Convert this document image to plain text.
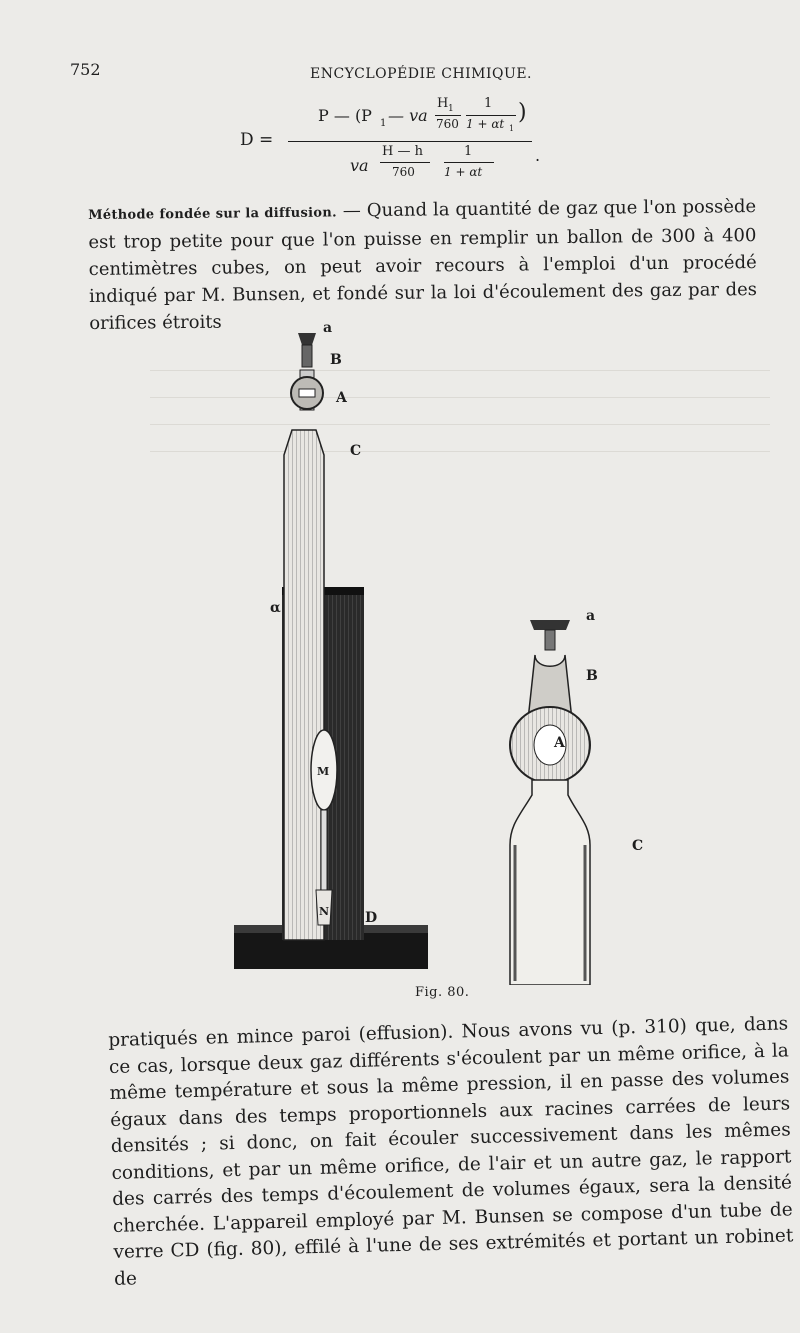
752	ENCYCLOPÉDIE CHIMIQUE.
D =
P — (P 1 — va
H 1
760
1
1 + αt 1
)
va
H — h
760
1
1 + αt
.
Méthode fondée sur la diffusion. — Quand la quantité de gaz que l'on possède est trop petite pour que l'on puisse en remplir un ballon de 300 à 400 centimètres cubes, on peut avoir recours à l'emploi d'un procédé indiqué par M. Bunsen, et fondé sur la loi d'écoulement des gaz par des orifices étroits	a
B
A
C
α
M
N	D
a
B
A
C
Fig. 80.
pratiqués en mince paroi (effusion). Nous avons vu (p. 310) que, dans ce cas, lorsque deux gaz différents s'écoulent par un même orifice, à la même température et sous la même pression, il en passe des volumes égaux dans des temps proportionnels aux racines carrées de leurs densités ; si donc, on fait écouler successivement dans les mêmes conditions, et par un même orifice, de l'air et un autre gaz, le rapport des carrés des temps d'écoulement de volumes égaux, sera la densité cherchée. L'appareil employé par M. Bunsen se compose d'un tube de verre CD (fig. 80), effilé à l'une de ses extrémités et portant un robinet de
